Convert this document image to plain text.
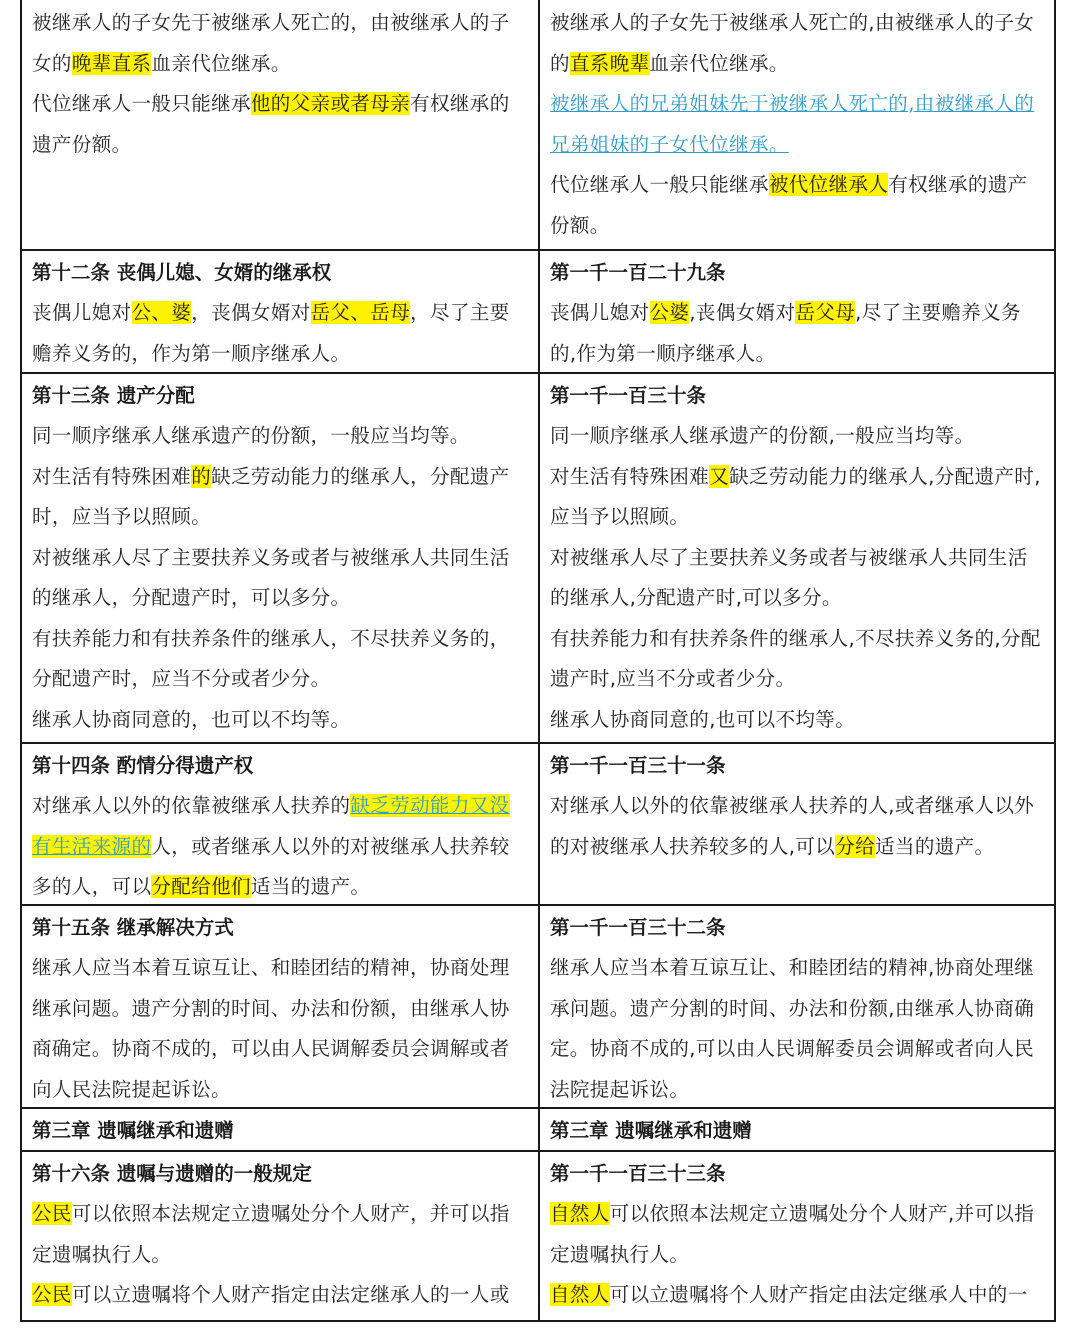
被继承人的子女先于被继承人死亡的，由被继承人的子女的晚辈直系血亲代位继承。

代位继承人一般只能继承他的父亲或者母亲有权继承的遗产份额。

被继承人的子女先于被继承人死亡的,由被继承人的子女的直系晚辈血亲代位继承。

被继承人的兄弟姐妹先于被继承人死亡的,由被继承人的兄弟姐妹的子女代位继承。

代位继承人一般只能继承被代位继承人有权继承的遗产份额。

第十二条 丧偶儿媳、女婿的继承权

丧偶儿媳对公、婆，丧偶女婿对岳父、岳母，尽了主要赡养义务的，作为第一顺序继承人。

第一千一百二十九条

丧偶儿媳对公婆,丧偶女婿对岳父母,尽了主要赡养义务的,作为第一顺序继承人。

第十三条 遗产分配

同一顺序继承人继承遗产的份额，一般应当均等。

对生活有特殊困难的缺乏劳动能力的继承人，分配遗产时，应当予以照顾。

对被继承人尽了主要扶养义务或者与被继承人共同生活的继承人，分配遗产时，可以多分。

有扶养能力和有扶养条件的继承人，不尽扶养义务的，分配遗产时，应当不分或者少分。

继承人协商同意的，也可以不均等。

第一千一百三十条

同一顺序继承人继承遗产的份额,一般应当均等。

对生活有特殊困难又缺乏劳动能力的继承人,分配遗产时,应当予以照顾。

对被继承人尽了主要扶养义务或者与被继承人共同生活的继承人,分配遗产时,可以多分。

有扶养能力和有扶养条件的继承人,不尽扶养义务的,分配遗产时,应当不分或者少分。

继承人协商同意的,也可以不均等。

第十四条 酌情分得遗产权

对继承人以外的依靠被继承人扶养的缺乏劳动能力又没有生活来源的人，或者继承人以外的对被继承人扶养较多的人，可以分配给他们适当的遗产。

第一千一百三十一条

对继承人以外的依靠被继承人扶养的人,或者继承人以外的对被继承人扶养较多的人,可以分给适当的遗产。

第十五条 继承解决方式

继承人应当本着互谅互让、和睦团结的精神，协商处理继承问题。遗产分割的时间、办法和份额，由继承人协商确定。协商不成的，可以由人民调解委员会调解或者向人民法院提起诉讼。

第一千一百三十二条

继承人应当本着互谅互让、和睦团结的精神,协商处理继承问题。遗产分割的时间、办法和份额,由继承人协商确定。协商不成的,可以由人民调解委员会调解或者向人民法院提起诉讼。

第三章 遗嘱继承和遗赠	第三章 遗嘱继承和遗赠
第十六条 遗嘱与遗赠的一般规定

公民可以依照本法规定立遗嘱处分个人财产，并可以指定遗嘱执行人。

公民可以立遗嘱将个人财产指定由法定继承人的一人或

第一千一百三十三条

自然人可以依照本法规定立遗嘱处分个人财产,并可以指定遗嘱执行人。

自然人可以立遗嘱将个人财产指定由法定继承人中的一
